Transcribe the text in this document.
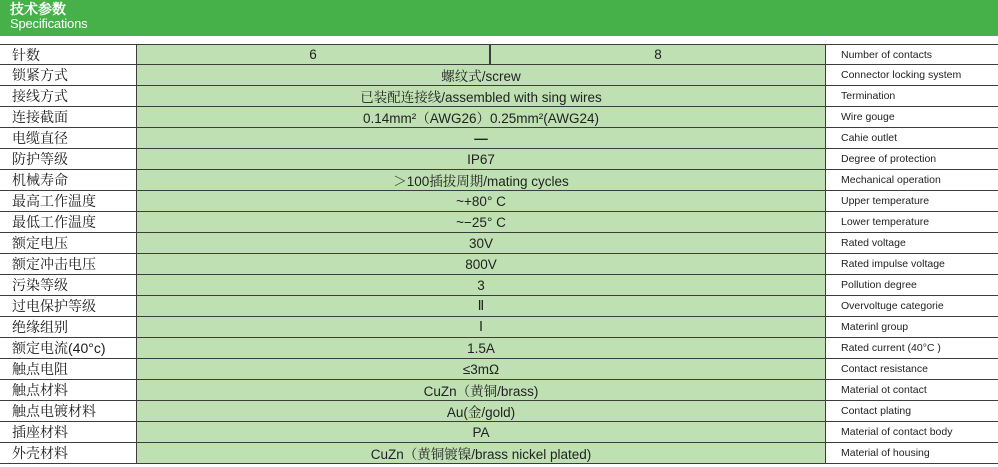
技术参数
Specifications
针数	6	8	Number of contacts
锁紧方式	螺纹式/screw	Connector locking system
接线方式	已装配连接线/assembled with sing wires	Termination
连接截面	0.14mm²（AWG26）0.25mm²(AWG24)	Wire gouge
电缆直径	—	Cahie outlet
防护等级	IP67	Degree of protection
机械寿命	＞100插拔周期/mating cycles	Mechanical operation
最高工作温度	~+80° C	Upper temperature
最低工作温度	~−25° C	Lower temperature
额定电压	30V	Rated voltage
额定冲击电压	800V	Rated impulse voltage
污染等级	3	Pollution degree
过电保护等级	Ⅱ	Overvoltuge categorie
绝缘组别	Ⅰ	Materinl group
额定电流(40°c)	1.5A	Rated current (40°C )
触点电阻	≤3mΩ	Contact resistance
触点材料	CuZn（黄铜/brass)	Material ot contact
触点电镀材料	Au(金/gold)	Contact plating
插座材料	PA	Material of contact body
外壳材料	CuZn（黄铜镀镍/brass nickel plated)	Material of housing
